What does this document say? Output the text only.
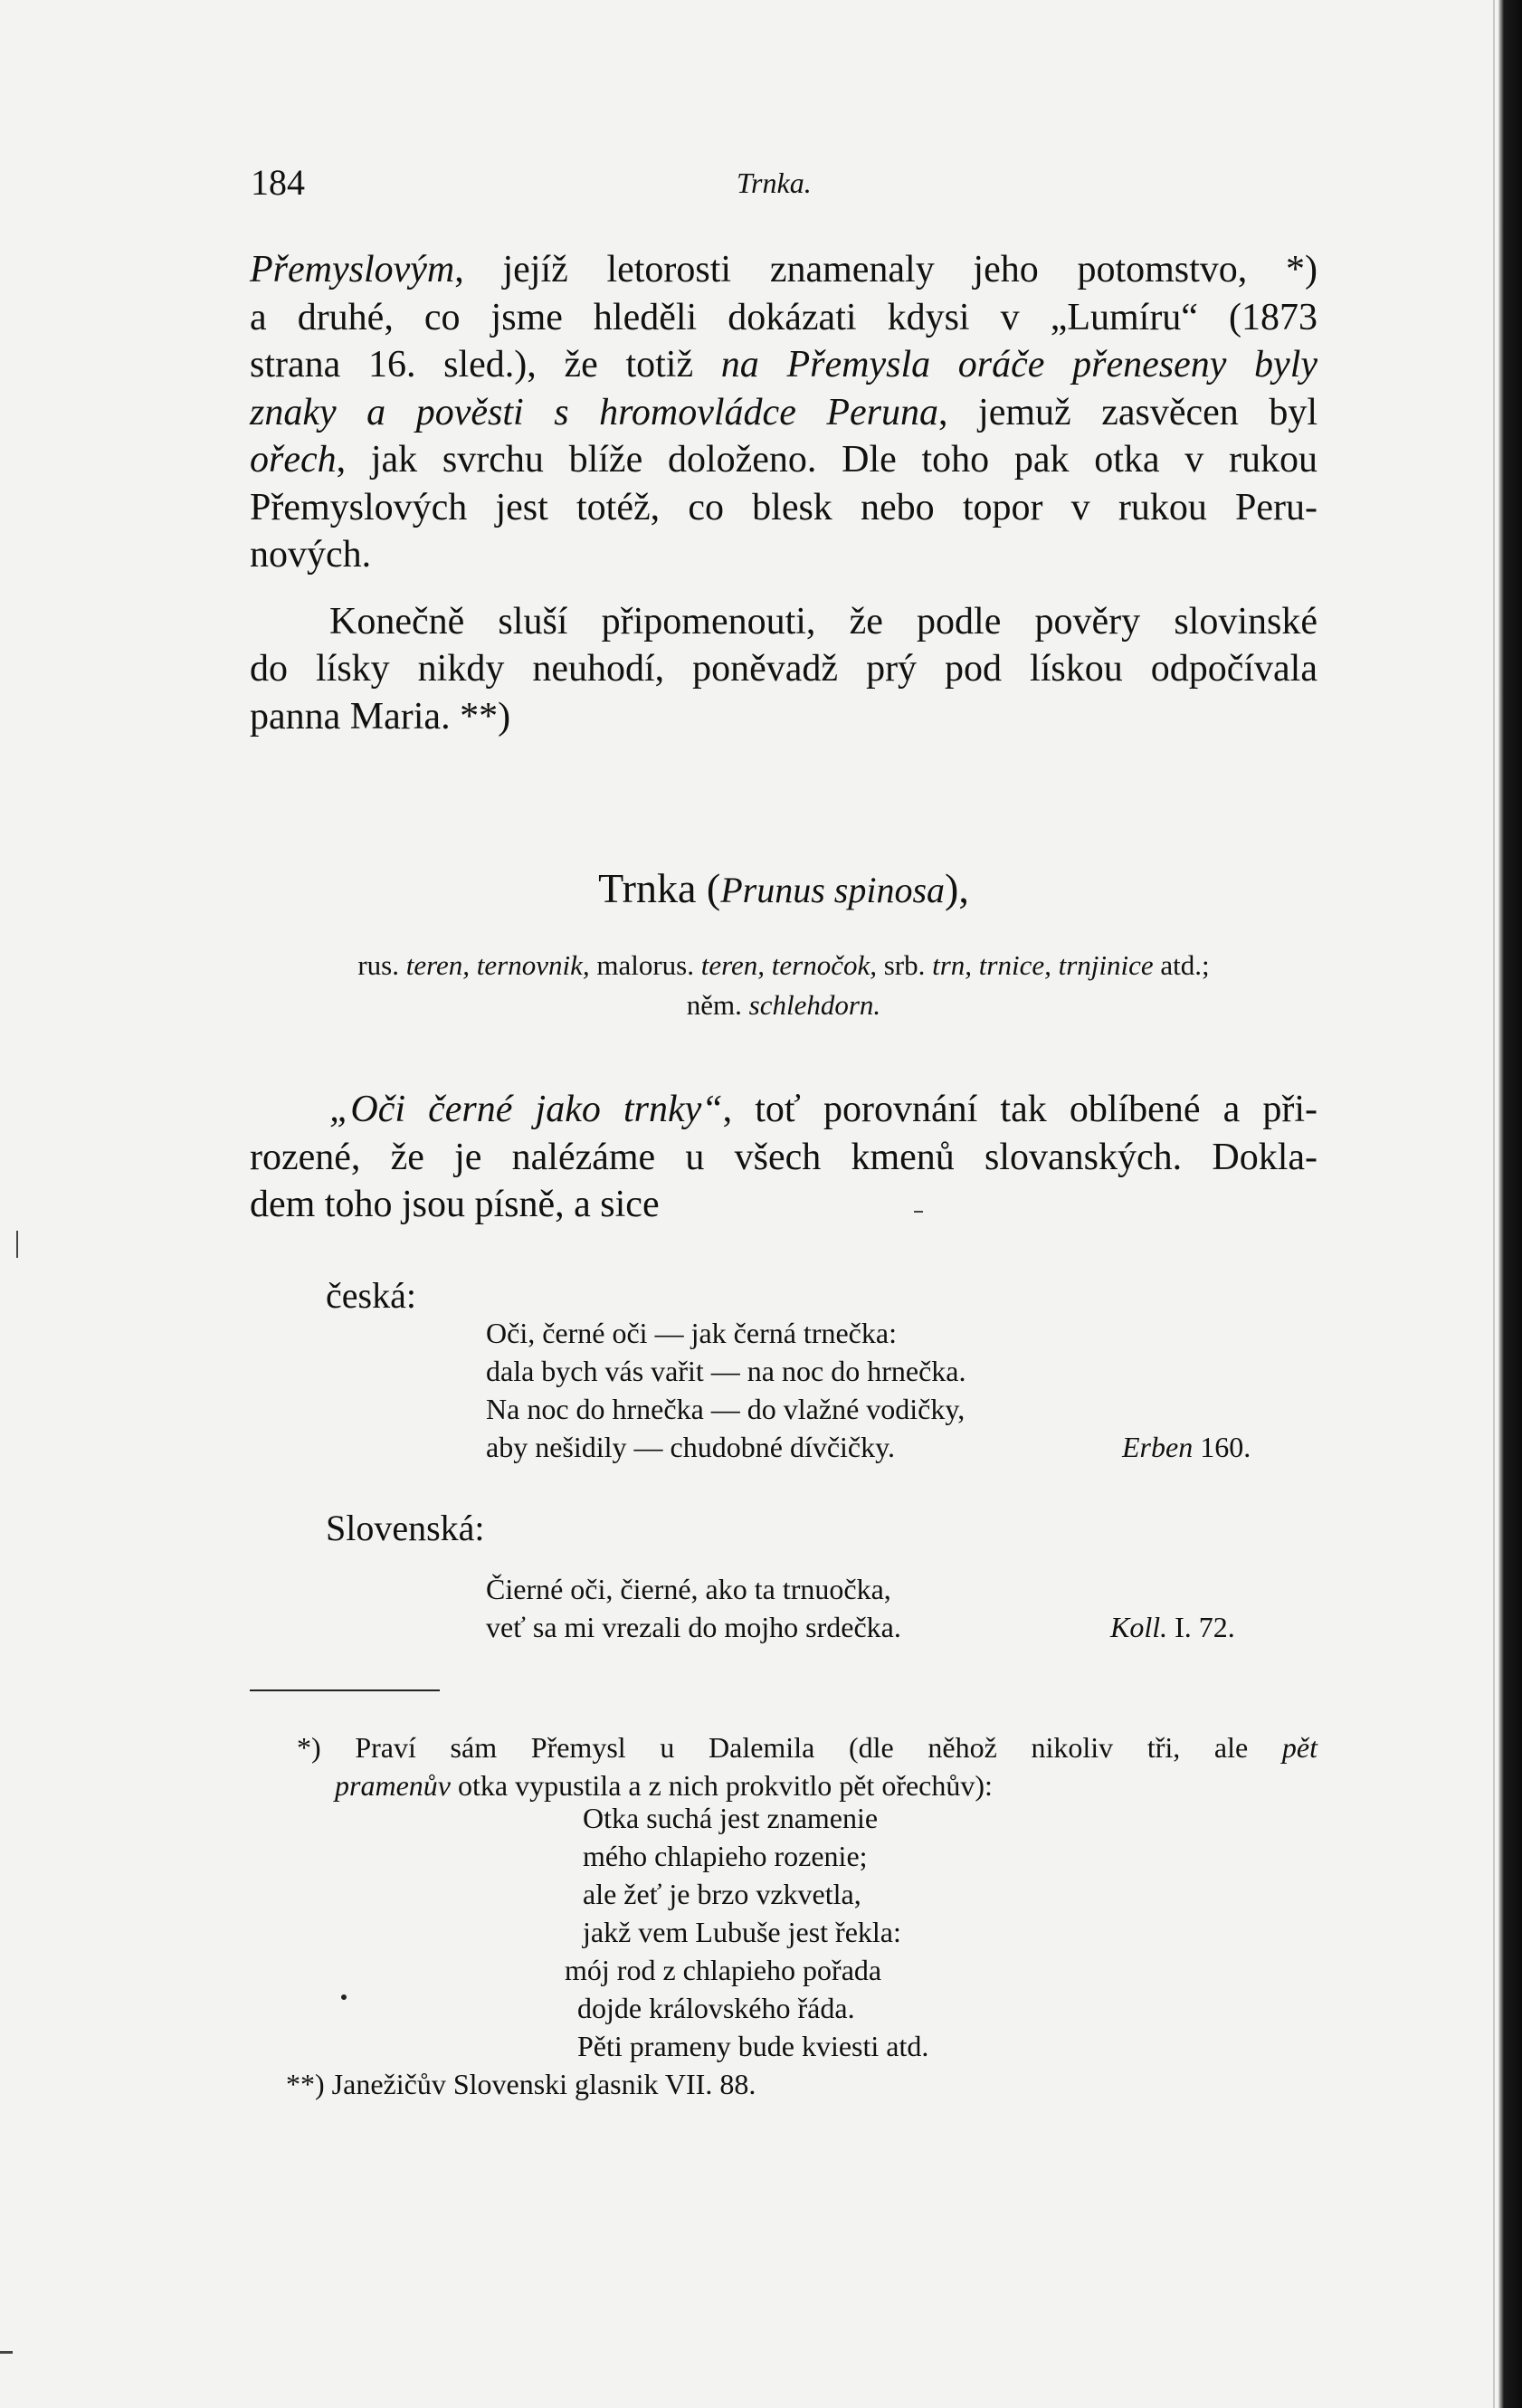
184	Trnka.

Přemyslovým, jejíž letorosti znamenaly jeho potomstvo, *)
a druhé, co jsme hleděli dokázati kdysi v „Lumíru“ (1873
strana 16. sled.), že totiž na Přemysla oráče přeneseny byly
znaky a pověsti s hromovládce Peruna, jemuž zasvěcen byl
ořech, jak svrchu blíže doloženo. Dle toho pak otka v rukou
Přemyslových jest totéž, co blesk nebo topor v rukou Peru-
nových.

Konečně sluší připomenouti, že podle pověry slovinské
do lísky nikdy neuhodí, poněvadž prý pod lískou odpočívala
panna Maria. **)

Trnka (Prunus spinosa),
rus. teren, ternovnik, malorus. teren, ternočok, srb. trn, trnice, trnjinice atd.;
něm. schlehdorn.

„Oči černé jako trnky“, toť porovnání tak oblíbené a při-
rozené, že je nalézáme u všech kmenů slovanských. Dokla-
dem toho jsou písně, a sice

česká:
Oči, černé oči — jak černá trnečka:
dala bych vás vařit — na noc do hrnečka.
Na noc do hrnečka — do vlažné vodičky,
aby nešidily — chudobné dívčičky.	Erben 160.
Slovenská:
Čierné oči, čierné, ako ta trnuočka,
veť sa mi vrezali do mojho srdečka.	Koll. I. 72.
*) Praví sám Přemysl u Dalemila (dle něhož nikoliv tři, ale pět
pramenův otka vypustila a z nich prokvitlo pět ořechův):
Otka suchá jest znamenie
mého chlapieho rozenie;
ale žeť je brzo vzkvetla,
jakž vem Lubuše jest řekla:
mój rod z chlapieho pořada
dojde královského řáda.
Pěti prameny bude kviesti atd.
**) Janežičův Slovenski glasnik VII. 88.
